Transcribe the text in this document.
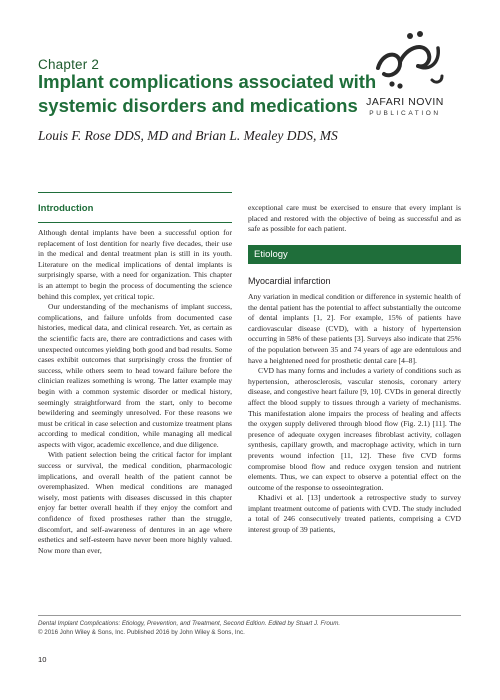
Chapter 2
Implant complications associated with systemic disorders and medications
Louis F. Rose DDS, MD and Brian L. Mealey DDS, MS
JAFARI NOVIN
PUBLICATION
Introduction

Although dental implants have been a successful option for replacement of lost dentition for nearly five decades, their use in the medical and dental treatment plan is still in its youth. Literature on the medical implications of dental implants is surprisingly sparse, with a need for organization. This chapter is an attempt to begin the process of documenting the science behind this complex, yet critical topic.

Our understanding of the mechanisms of implant success, complications, and failure unfolds from documented case histories, medical data, and clinical research. Yet, as certain as the scientific facts are, there are contradictions and cases with unexpected outcomes yielding both good and bad results. Some cases exhibit outcomes that surprisingly cross the frontier of success, while others seem to head toward failure before the clinician realizes something is wrong. The latter example may begin with a common systemic disorder or medical history, seemingly straightforward from the start, only to become bewildering and seemingly unresolved. For these reasons we must be critical in case selection and customize treatment plans according to medical condition, while managing all medical aspects with vigor, academic excellence, and due diligence.

With patient selection being the critical factor for implant success or survival, the medical condition, pharmacologic implications, and overall health of the patient cannot be overemphasized. When medical conditions are managed wisely, most patients with diseases discussed in this chapter enjoy far better overall health if they enjoy the comfort and confidence of fixed prostheses rather than the struggle, discomfort, and self-awareness of dentures in an age where esthetics and self-esteem have never been more highly valued. Now more than ever,

exceptional care must be exercised to ensure that every implant is placed and restored with the objective of being as successful and as safe as possible for each patient.

Etiology
Myocardial infarction

Any variation in medical condition or difference in systemic health of the dental patient has the potential to affect substantially the outcome of dental implants [1, 2]. For example, 15% of patients have cardiovascular disease (CVD), with a history of hypertension occurring in 58% of these patients [3]. Surveys also indicate that 25% of the population between 35 and 74 years of age are edentulous and have a heightened need for prosthetic dental care [4–8].

CVD has many forms and includes a variety of conditions such as hypertension, atherosclerosis, vascular stenosis, coronary artery disease, and congestive heart failure [9, 10]. CVDs in general directly affect the blood supply to tissues through a variety of mechanisms. This manifestation alone impairs the process of healing and affects the oxygen supply delivered through blood flow (Fig. 2.1) [11]. The presence of adequate oxygen increases fibroblast activity, collagen synthesis, capillary growth, and macrophage activity, which in turn prevents wound infection [11, 12]. These five CVD forms compromise blood flow and reduce oxygen tension and nutrient elements. Thus, we can expect to observe a potential effect on the outcome of the response to osseointegration.

Khadivi et al. [13] undertook a retrospective study to survey implant treatment outcome of patients with CVD. The study included a total of 246 consecutively treated patients, comprising a CVD interest group of 39 patients,

Dental Implant Complications: Etiology, Prevention, and Treatment, Second Edition. Edited by Stuart J. Froum.
© 2016 John Wiley & Sons, Inc. Published 2016 by John Wiley & Sons, Inc.
10
